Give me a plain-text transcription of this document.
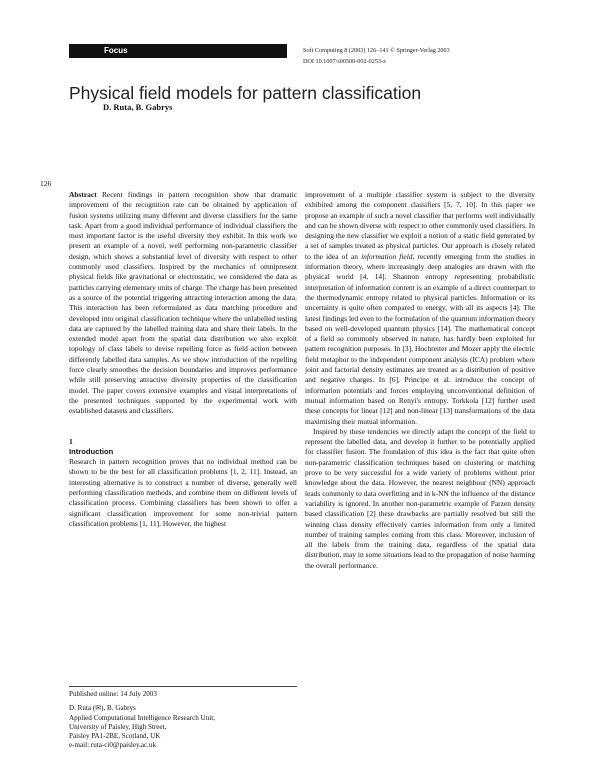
Focus	Soft Computing 8 (2003) 126–141 © Springer-Verlag 2003
DOI 10.1007/s00500-002-0253-z
Physical field models for pattern classification
D. Ruta, B. Gabrys
126

Abstract Recent findings in pattern recognition show that dramatic improvement of the recognition rate can be obtained by application of fusion systems utilizing many different and diverse classifiers for the same task. Apart from a good individual performance of individual classifiers the most important factor is the useful diversity they exhibit. In this work we present an example of a novel, well performing non-parametric classifier design, which shows a substantial level of diversity with respect to other commonly used classifiers. Inspired by the mechanics of omnipresent physical fields like gravitational or electrostatic, we considered the data as particles carrying elementary units of charge. The charge has been presented as a source of the potential triggering attracting interaction among the data. This interaction has been reformulated as data matching procedure and developed into original classification technique where the unlabelled testing data are captured by the labelled training data and share their labels. In the extended model apart from the spatial data distribution we also exploit topology of class labels to devise repelling force as field action between differently labelled data samples. As we show introduction of the repelling force clearly smoothes the decision boundaries and improves performance while still preserving attractive diversity properties of the classification model. The paper covers extensive examples and visual interpretations of the presented techniques supported by the experimental work with established datasets and classifiers.

1
Introduction

Research in pattern recognition proves that no individual method can be shown to be the best for all classification problems [1, 2, 11]. Instead, an interesting alternative is to construct a number of diverse, generally well performing classification methods, and combine them on different levels of classification process. Combining classifiers has been shown to offer a significant classification improvement for some non-trivial pattern classification problems [1, 11]. However, the highest

improvement of a multiple classifier system is subject to the diversity exhibited among the component classifiers [5, 7, 10]. In this paper we propose an example of such a novel classifier that performs well individually and can be shown diverse with respect to other commonly used classifiers. In designing the new classifier we exploit a notion of a static field generated by a set of samples treated as physical particles. Our approach is closely related to the idea of an information field, recently emerging from the studies in information theory, where increasingly deep analogies are drawn with the physical world [4, 14]. Shannon entropy representing probabilistic interpretation of information content is an example of a direct counterpart to the thermodynamic entropy related to physical particles. Information or its uncertainty is quite often compared to energy, with all its aspects [4]. The latest findings led even to the formulation of the quantum information theory based on well-developed quantum physics [14]. The mathematical concept of a field so commonly observed in nature, has hardly been exploited for pattern recognition purposes. In [3], Hochreiter and Mozer apply the electric field metaphor to the independent component analysis (ICA) problem where joint and factorial density estimates are treated as a distribution of positive and negative charges. In [6], Principe et al. introduce the concept of information potentials and forces employing unconventional definition of mutual information based on Renyi's entropy. Torkkola [12] further used these concepts for linear [12] and non-linear [13] transformations of the data maximising their mutual information.

Inspired by these tendencies we directly adapt the concept of the field to represent the labelled data, and develop it further to be potentially applied for classifier fusion. The foundation of this idea is the fact that quite often non-parametric classification techniques based on clustering or matching prove to be very successful for a wide variety of problems without prior knowledge about the data. However, the nearest neighbour (NN) approach leads commonly to data overfitting and in k-NN the influence of the distance variability is ignored. In another non-parametric example of Parzen density based classification [2] these drawbacks are partially resolved but still the winning class density effectively carries information from only a limited number of training samples coming from this class. Moreover, inclusion of all the labels from the training data, regardless of the spatial data distribution, may in some situations lead to the propagation of noise harming the overall performance.

Published online: 14 July 2003
D. Ruta (✉), B. Gabrys
Applied Computational Intelligence Research Unit,
University of Paisley, High Street,
Paisley PA1-2BE, Scotland, UK
e-mail: ruta-ci0@paisley.ac.uk
